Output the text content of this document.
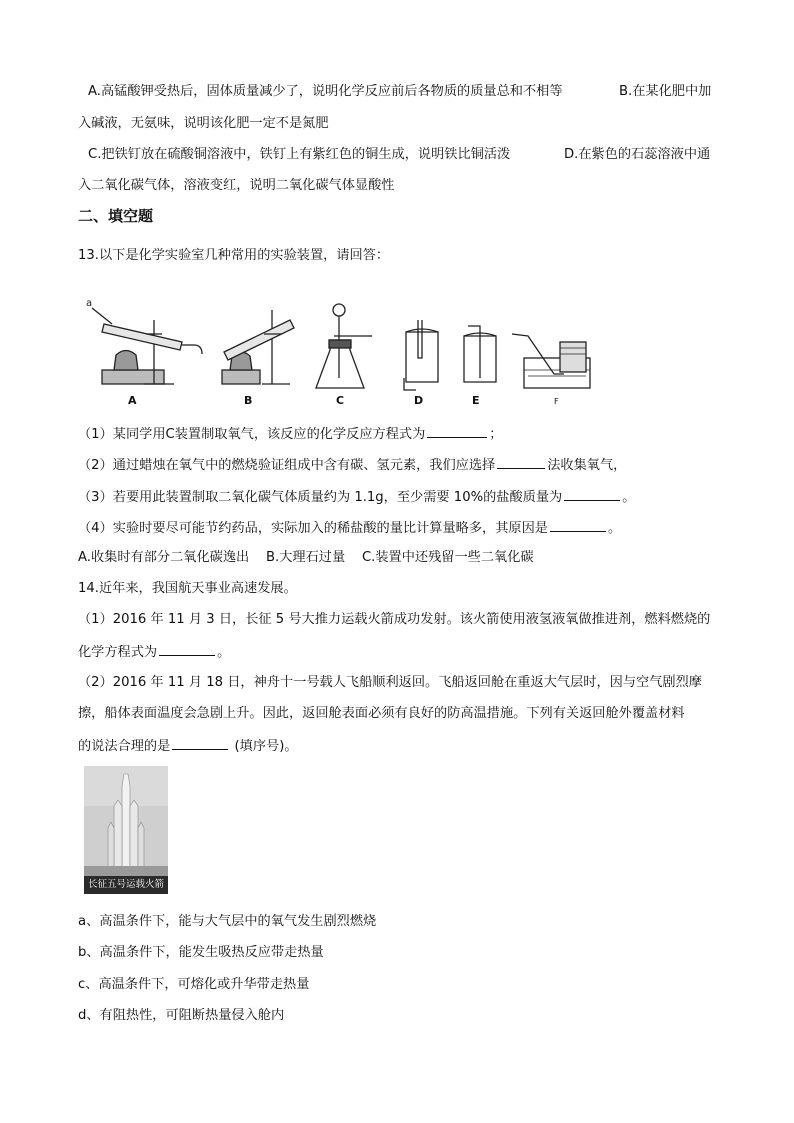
A.高锰酸钾受热后，固体质量减少了，说明化学反应前后各物质的质量总和不相等	B.在某化肥中加
入碱液，无氨味，说明该化肥一定不是氮肥
C.把铁钉放在硫酸铜溶液中，铁钉上有紫红色的铜生成，说明铁比铜活泼	D.在紫色的石蕊溶液中通
入二氧化碳气体，溶液变红，说明二氧化碳气体显酸性
二、填空题
13.以下是化学实验室几种常用的实验装置，请回答：
a
A	B	C	D	E	F
（1）某同学用C装置制取氧气，该反应的化学反应方程式为	；
（2）通过蜡烛在氧气中的燃烧验证组成中含有碳、氢元素，我们应选择	法收集氧气，
（3）若要用此装置制取二氧化碳气体质量约为 1.1g，至少需要 10%的盐酸质量为	。
（4）实验时要尽可能节约药品，实际加入的稀盐酸的量比计算量略多，其原因是	。
A.收集时有部分二氧化碳逸出    B.大理石过量    C.装置中还残留一些二氧化碳
14.近年来，我国航天事业高速发展。
（1）2016 年 11 月 3 日，长征 5 号大推力运载火箭成功发射。该火箭使用液氢液氧做推进剂，燃料燃烧的
化学方程式为	。
（2）2016 年 11 月 18 日，神舟十一号载人飞船顺利返回。飞船返回舱在重返大气层时，因与空气剧烈摩
擦，船体表面温度会急剧上升。因此，返回舱表面必须有良好的防高温措施。下列有关返回舱外覆盖材料
的说法合理的是	(填序号)。
长征五号运载火箭
a、高温条件下，能与大气层中的氧气发生剧烈燃烧
b、高温条件下，能发生吸热反应带走热量
c、高温条件下，可熔化或升华带走热量
d、有阻热性，可阻断热量侵入舱内
